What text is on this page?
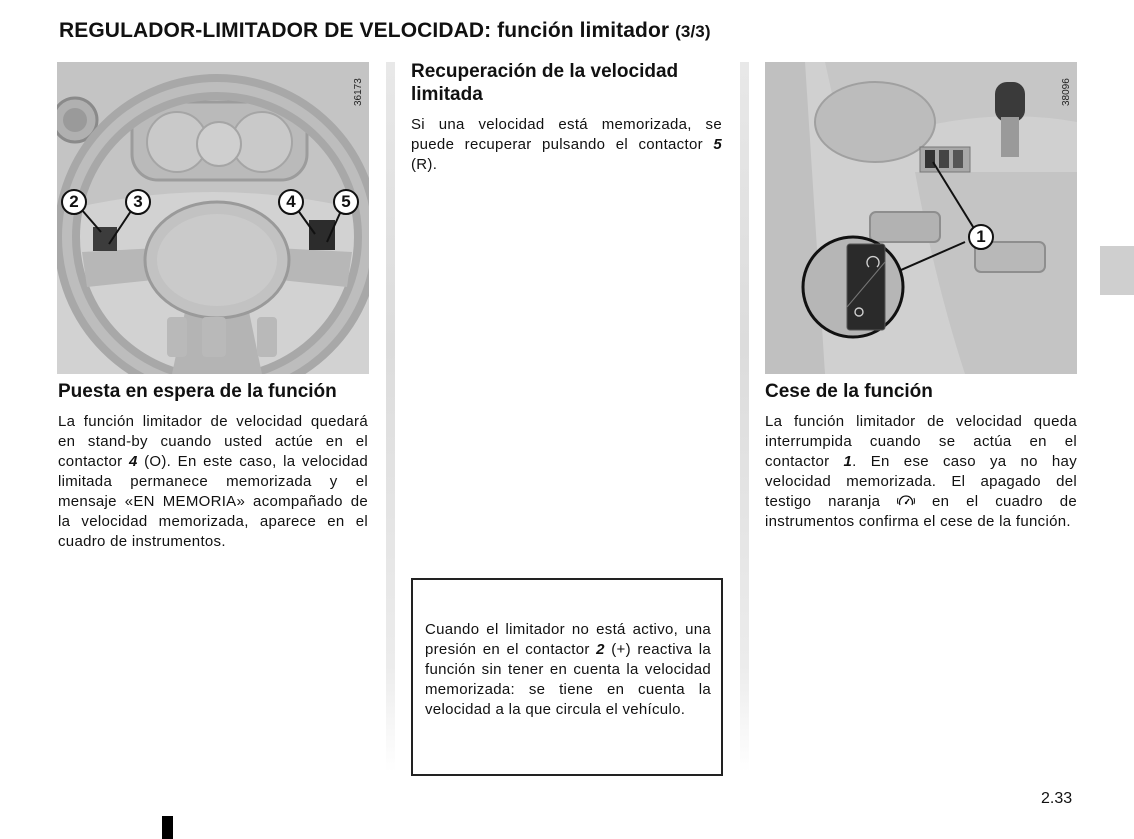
REGULADOR-LIMITADOR DE VELOCIDAD: función limitador (3/3)
36173
2	3	4	5
Puesta en espera de la función

La función limitador de velocidad quedará en stand-by cuando usted actúe en el contactor 4 (O). En este caso, la velocidad limitada permanece memorizada y el mensaje «EN MEMORIA» acompañado de la velocidad memorizada, aparece en el cuadro de instrumentos.

Recuperación de la velocidad limitada

Si una velocidad está memorizada, se puede recuperar pulsando el contactor 5 (R).

Cuando el limitador no está activo, una presión en el contactor 2 (+) reactiva la función sin tener en cuenta la velocidad memorizada: se tiene en cuenta la velocidad a la que circula el vehículo.

38096
1
Cese de la función

La función limitador de velocidad queda interrumpida cuando se actúa en el contactor 1. En ese caso ya no hay velocidad memorizada. El apagado del testigo naranja  en el cuadro de instrumentos confirma el cese de la función.

2.33
